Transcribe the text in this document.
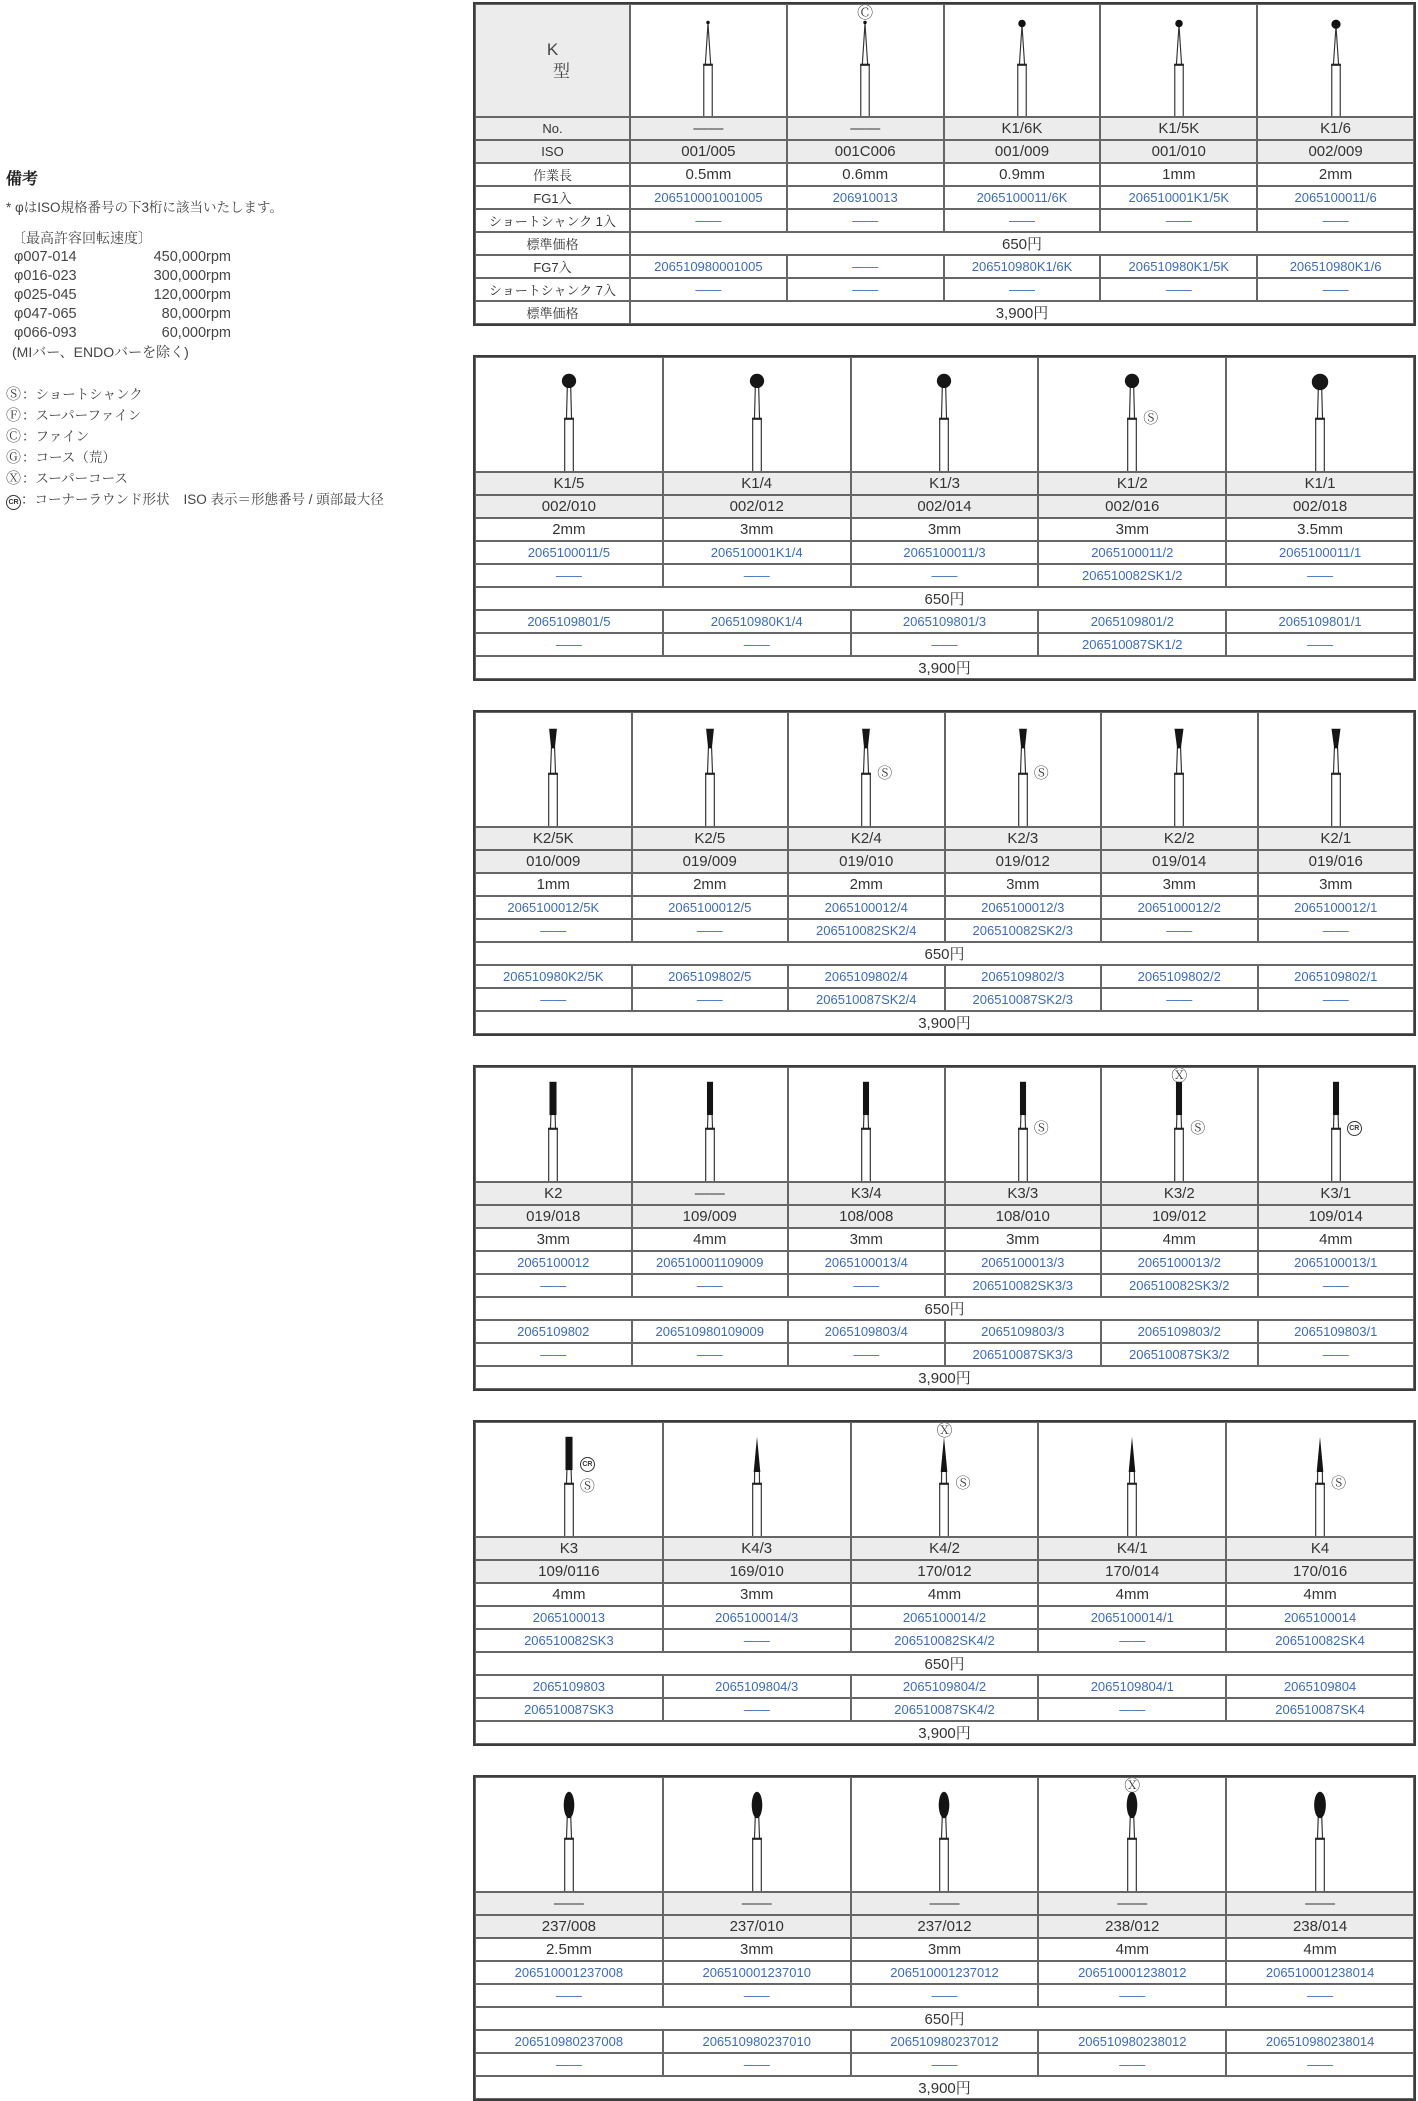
備考
* φはISO規格番号の下3桁に該当いたします。
〔最高許容回転速度〕
φ007-014	450,000rpm
φ016-023	300,000rpm
φ025-045	120,000rpm
φ047-065	80,000rpm
φ066-093	60,000rpm
(MIバー、ENDOバーを除く)
Ⓢ：ショートシャンク
Ⓕ：スーパーファイン
Ⓒ：ファイン
Ⓖ：コース（荒）
Ⓧ：スーパーコース
CR ：コーナーラウンド形状 ISO 表示＝形態番号 / 頭部最大径
K
型
Ⓒ
No.	——	——	K1/6K	K1/5K	K1/6
ISO	001/005	001C006	001/009	001/010	002/009
作業長	0.5mm	0.6mm	0.9mm	1mm	2mm
FG1入	206510001001005	206910013	2065100011/6K	206510001K1/5K	2065100011/6
ショートシャンク 1入	——	——	——	——	——
標準価格	650円
FG7入	206510980001005	——	206510980K1/6K	206510980K1/5K	206510980K1/6
ショートシャンク 7入	——	——	——	——	——
標準価格	3,900円
Ⓢ
K1/5	K1/4	K1/3	K1/2	K1/1
002/010	002/012	002/014	002/016	002/018
2mm	3mm	3mm	3mm	3.5mm
2065100011/5	206510001K1/4	2065100011/3	2065100011/2	2065100011/1
——	——	——	206510082SK1/2	——
650円
2065109801/5	206510980K1/4	2065109801/3	2065109801/2	2065109801/1
——	——	——	206510087SK1/2	——
3,900円
Ⓢ	Ⓢ
K2/5K	K2/5	K2/4	K2/3	K2/2	K2/1
010/009	019/009	019/010	019/012	019/014	019/016
1mm	2mm	2mm	3mm	3mm	3mm
2065100012/5K	2065100012/5	2065100012/4	2065100012/3	2065100012/2	2065100012/1
——	——	206510082SK2/4	206510082SK2/3	——	——
650円
206510980K2/5K	2065109802/5	2065109802/4	2065109802/3	2065109802/2	2065109802/1
——	——	206510087SK2/4	206510087SK2/3	——	——
3,900円
Ⓢ
Ⓧ
Ⓢ	CR
K2	——	K3/4	K3/3	K3/2	K3/1
019/018	109/009	108/008	108/010	109/012	109/014
3mm	4mm	3mm	3mm	4mm	4mm
2065100012	206510001109009	2065100013/4	2065100013/3	2065100013/2	2065100013/1
——	——	——	206510082SK3/3	206510082SK3/2	——
650円
2065109802	206510980109009	2065109803/4	2065109803/3	2065109803/2	2065109803/1
——	——	——	206510087SK3/3	206510087SK3/2	——
3,900円
CR
Ⓢ
Ⓧ
Ⓢ	Ⓢ
K3	K4/3	K4/2	K4/1	K4
109/0116	169/010	170/012	170/014	170/016
4mm	3mm	4mm	4mm	4mm
2065100013	2065100014/3	2065100014/2	2065100014/1	2065100014
206510082SK3	——	206510082SK4/2	——	206510082SK4
650円
2065109803	2065109804/3	2065109804/2	2065109804/1	2065109804
206510087SK3	——	206510087SK4/2	——	206510087SK4
3,900円
Ⓧ
——	——	——	——	——
237/008	237/010	237/012	238/012	238/014
2.5mm	3mm	3mm	4mm	4mm
206510001237008	206510001237010	206510001237012	206510001238012	206510001238014
——	——	——	——	——
650円
206510980237008	206510980237010	206510980237012	206510980238012	206510980238014
——	——	——	——	——
3,900円
